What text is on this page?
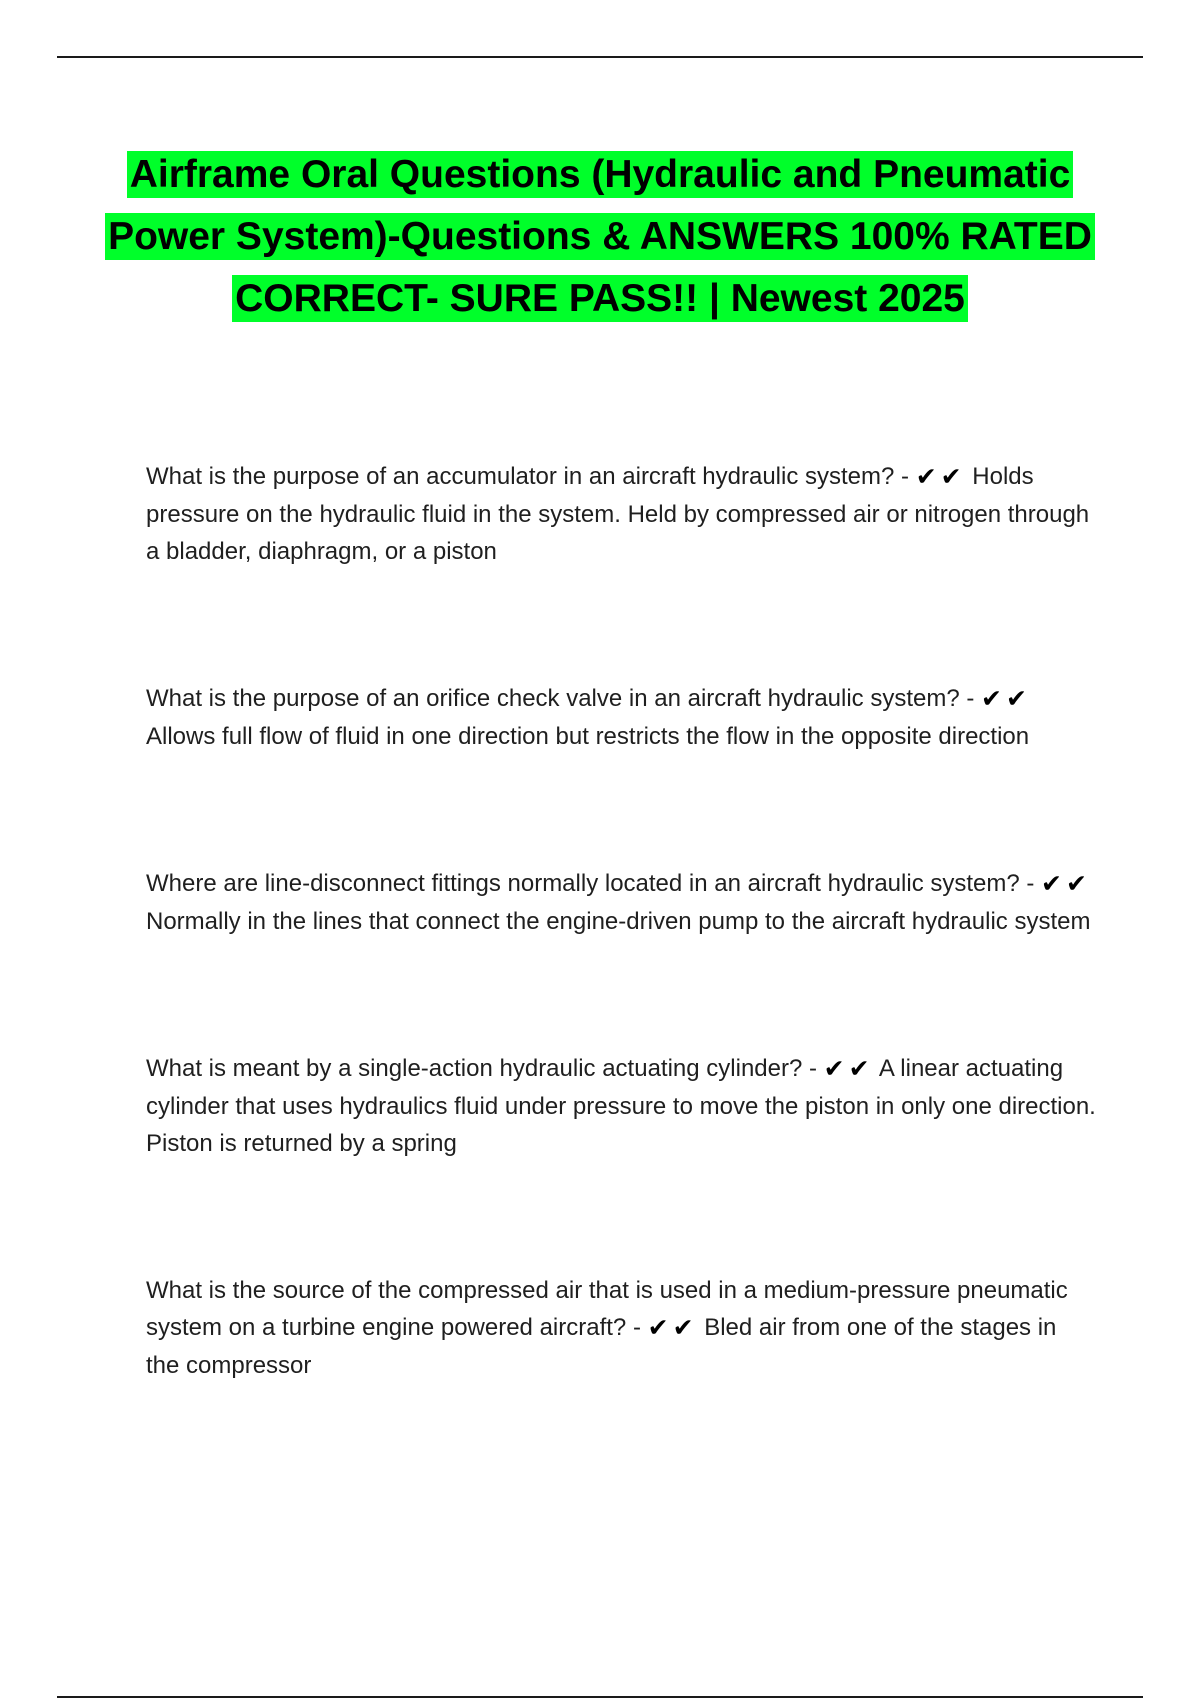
Airframe Oral Questions (Hydraulic and Pneumatic Power System)-Questions & ANSWERS 100% RATED CORRECT- SURE PASS!! | Newest 2025

What is the purpose of an accumulator in an aircraft hydraulic system? - ✔ ✔ Holds pressure on the hydraulic fluid in the system. Held by compressed air or nitrogen through a bladder, diaphragm, or a piston

What is the purpose of an orifice check valve in an aircraft hydraulic system? - ✔ ✔ Allows full flow of fluid in one direction but restricts the flow in the opposite direction

Where are line-disconnect fittings normally located in an aircraft hydraulic system? - ✔ ✔ Normally in the lines that connect the engine-driven pump to the aircraft hydraulic system

What is meant by a single-action hydraulic actuating cylinder? - ✔ ✔ A linear actuating cylinder that uses hydraulics fluid under pressure to move the piston in only one direction. Piston is returned by a spring

What is the source of the compressed air that is used in a medium-pressure pneumatic system on a turbine engine powered aircraft? - ✔ ✔ Bled air from one of the stages in the compressor
